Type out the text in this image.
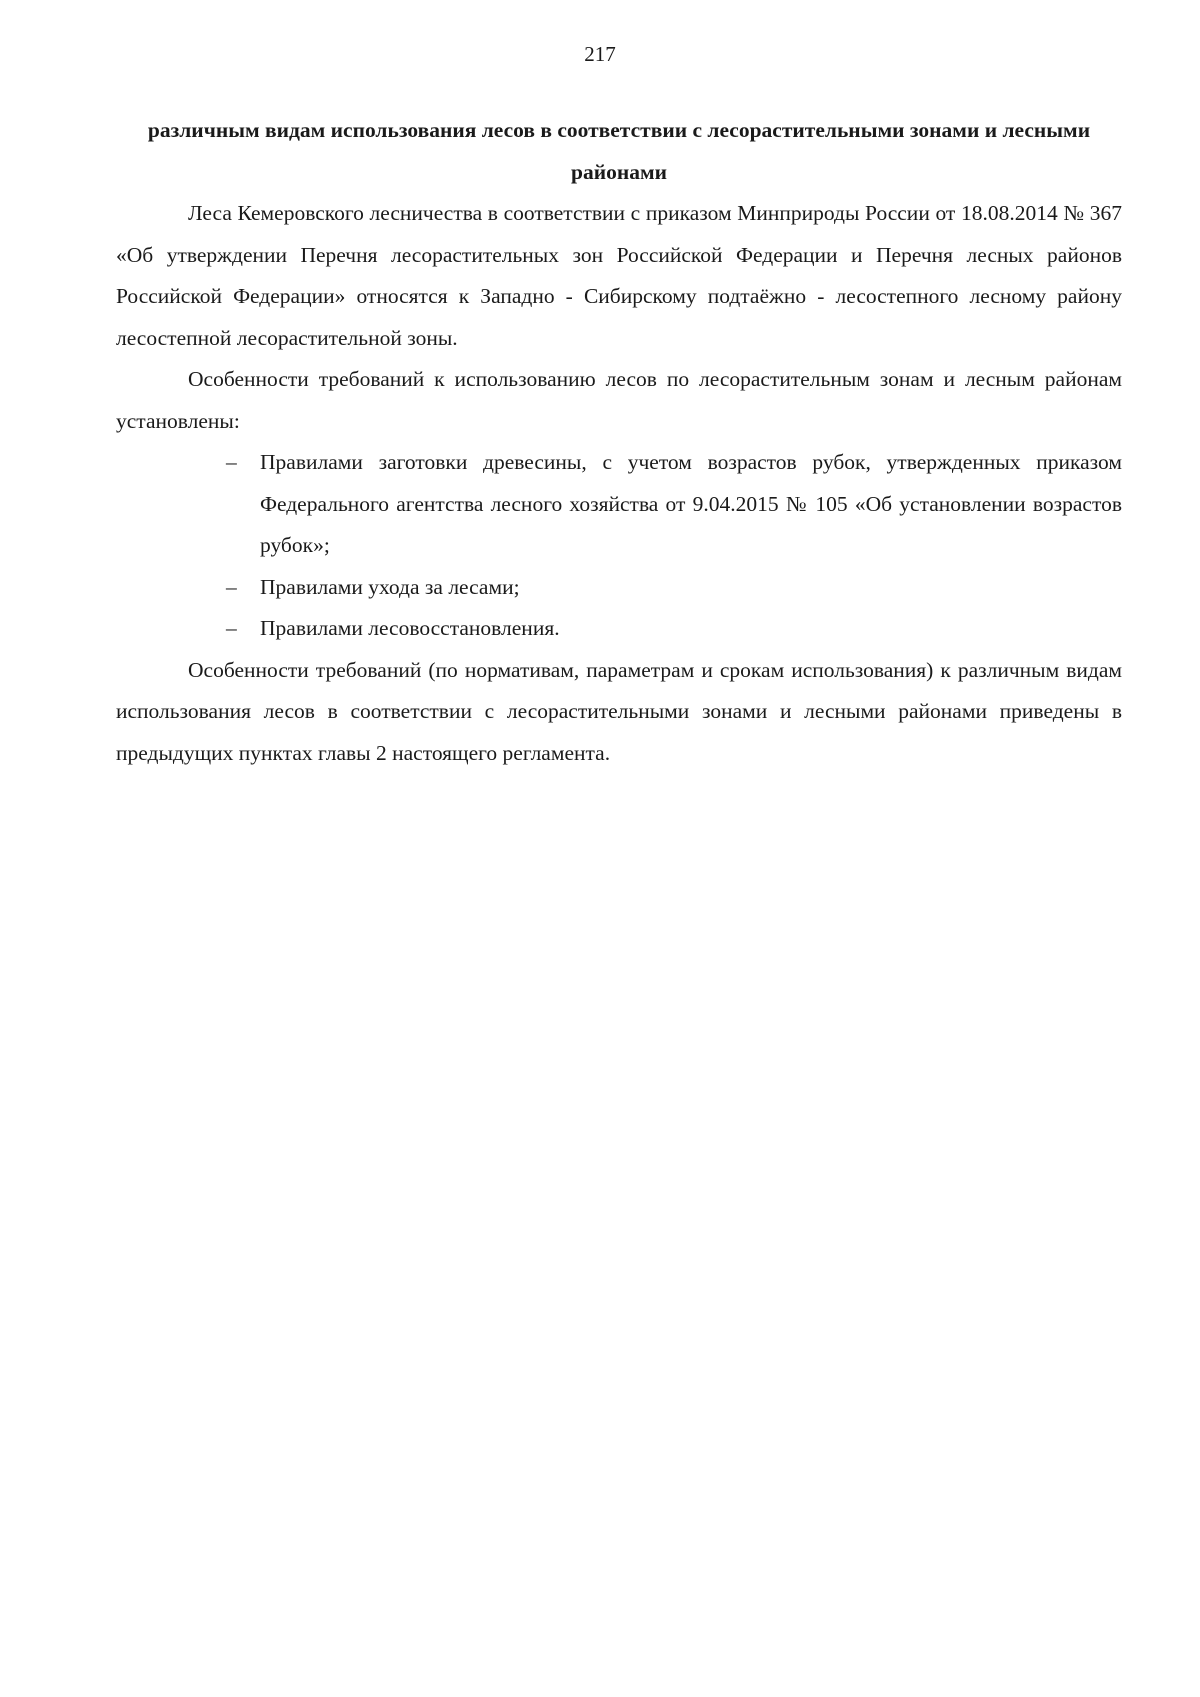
217

различным видам использования лесов в соответствии с лесорастительными зонами и лесными районами

Леса Кемеровского лесничества в соответствии с приказом Минприроды России от 18.08.2014 № 367 «Об утверждении Перечня лесорастительных зон Российской Федерации и Перечня лесных районов Российской Федерации» относятся к Западно - Сибирскому подтаёжно - лесостепного лесному району лесостепной лесорастительной зоны.

Особенности требований к использованию лесов по лесорастительным зонам и лесным районам установлены:

– Правилами заготовки древесины, с учетом возрастов рубок, утвержденных приказом Федерального агентства лесного хозяйства от 9.04.2015 № 105 «Об установлении возрастов рубок»;
– Правилами ухода за лесами;
– Правилами лесовосстановления.

Особенности требований (по нормативам, параметрам и срокам использования) к различным видам использования лесов в соответствии с лесорастительными зонами и лесными районами приведены в предыдущих пунктах главы 2 настоящего регламента.
